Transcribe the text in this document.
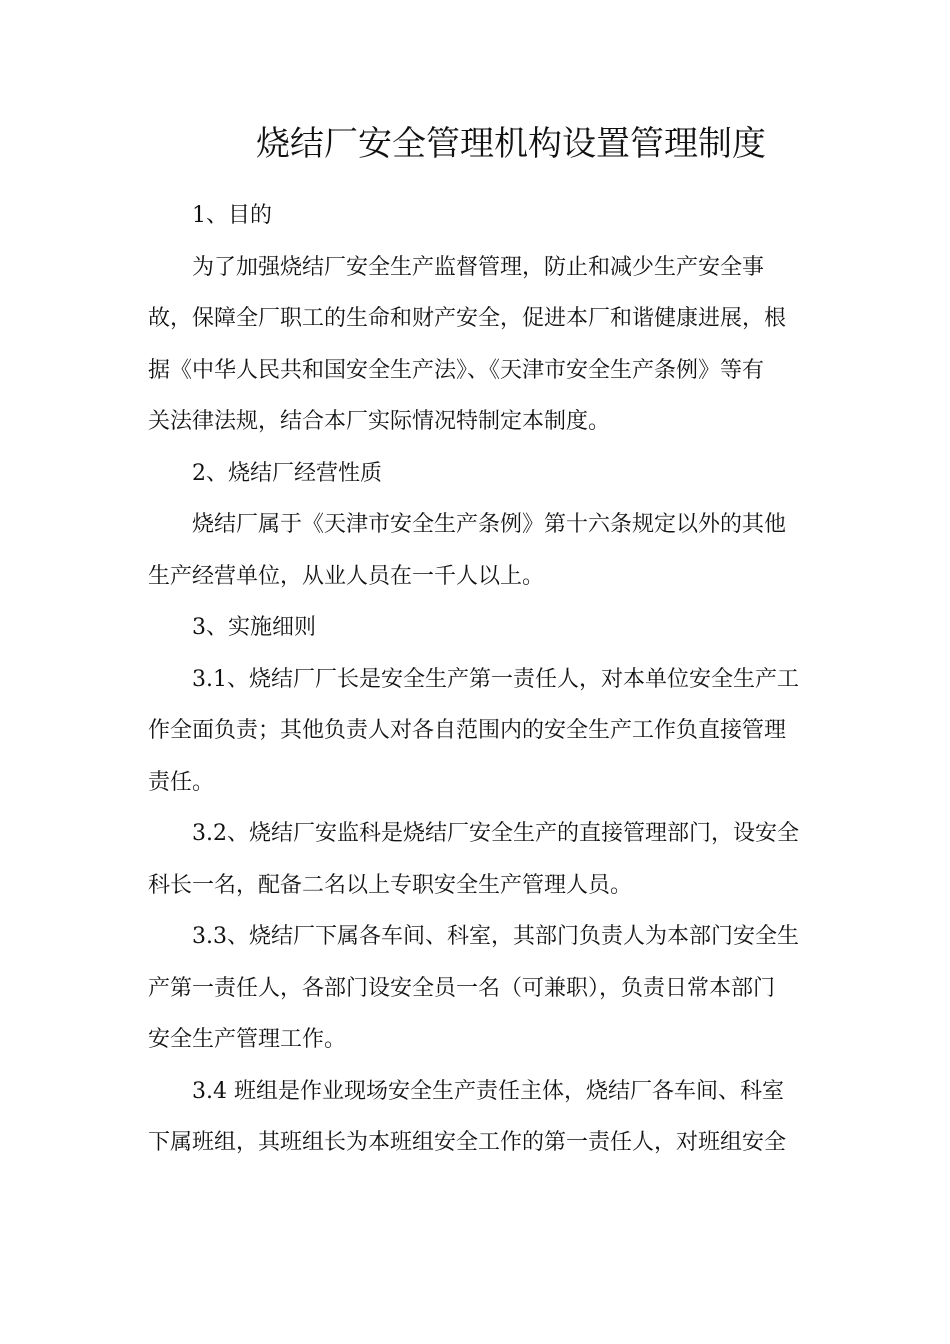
烧结厂安全管理机构设置管理制度

1、目的

为了加强烧结厂安全生产监督管理，防止和减少生产安全事
故，保障全厂职工的生命和财产安全，促进本厂和谐健康进展，根
据《中华人民共和国安全生产法》、《天津市安全生产条例》等有
关法律法规，结合本厂实际情况特制定本制度。

2、烧结厂经营性质

烧结厂属于《天津市安全生产条例》第十六条规定以外的其他
生产经营单位，从业人员在一千人以上。

3、实施细则

3.1、烧结厂厂长是安全生产第一责任人，对本单位安全生产工
作全面负责；其他负责人对各自范围内的安全生产工作负直接管理
责任。

3.2、烧结厂安监科是烧结厂安全生产的直接管理部门，设安全
科长一名，配备二名以上专职安全生产管理人员。

3.3、烧结厂下属各车间、科室，其部门负责人为本部门安全生
产第一责任人，各部门设安全员一名（可兼职），负责日常本部门
安全生产管理工作。

3.4 班组是作业现场安全生产责任主体，烧结厂各车间、科室
下属班组，其班组长为本班组安全工作的第一责任人，对班组安全
